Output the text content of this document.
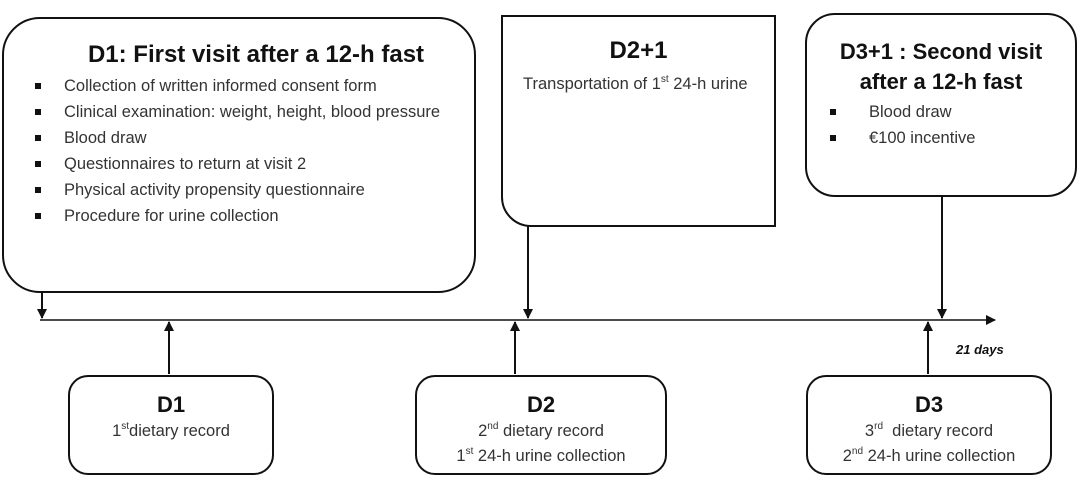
21 days
D1: First visit after a 12-h fast
Collection of written informed consent form
Clinical examination: weight, height, blood pressure
Blood draw
Questionnaires to return at visit 2
Physical activity propensity questionnaire
Procedure for urine collection
D2+1
Transportation of 1st 24-h urine
D3+1 : Second visit
after a 12-h fast
Blood draw
€100 incentive
D1
1stdietary record
D2
2nd dietary record
1st 24-h urine collection
D3
3rd  dietary record
2nd 24-h urine collection
